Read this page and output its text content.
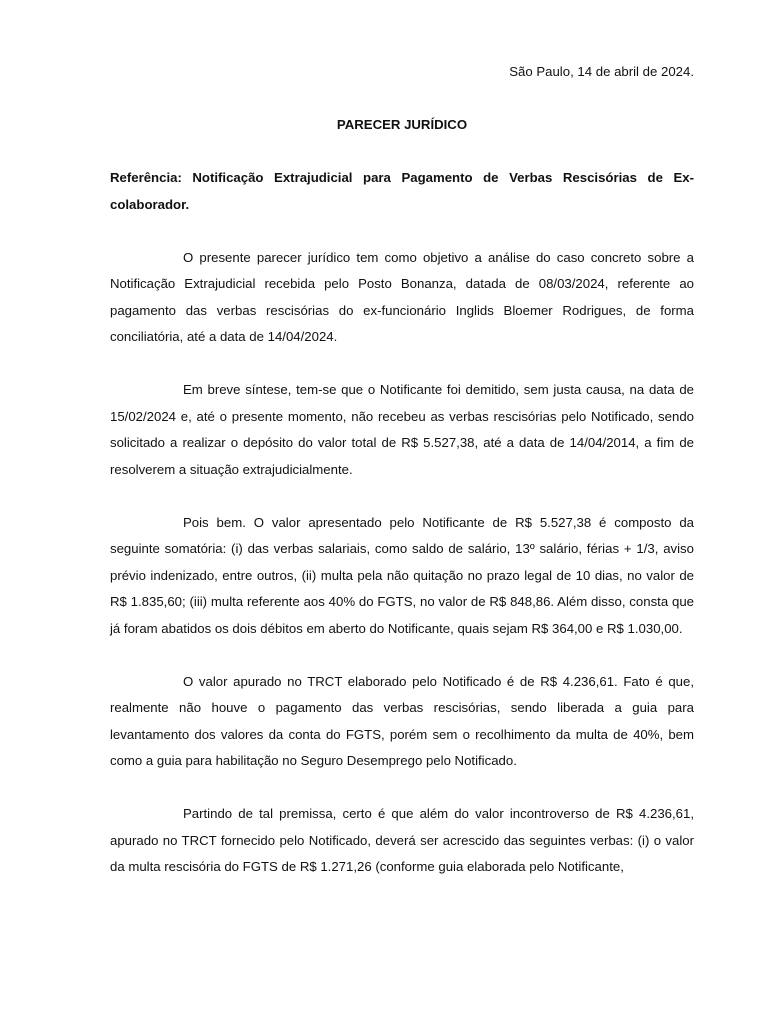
São Paulo, 14 de abril de 2024.

PARECER JURÍDICO

Referência: Notificação Extrajudicial para Pagamento de Verbas Rescisórias de Ex-colaborador.

O presente parecer jurídico tem como objetivo a análise do caso concreto sobre a Notificação Extrajudicial recebida pelo Posto Bonanza, datada de 08/03/2024, referente ao pagamento das verbas rescisórias do ex-funcionário Inglids Bloemer Rodrigues, de forma conciliatória, até a data de 14/04/2024.

Em breve síntese, tem-se que o Notificante foi demitido, sem justa causa, na data de 15/02/2024 e, até o presente momento, não recebeu as verbas rescisórias pelo Notificado, sendo solicitado a realizar o depósito do valor total de R$ 5.527,38, até a data de 14/04/2014, a fim de resolverem a situação extrajudicialmente.

Pois bem. O valor apresentado pelo Notificante de R$ 5.527,38 é composto da seguinte somatória: (i) das verbas salariais, como saldo de salário, 13º salário, férias + 1/3, aviso prévio indenizado, entre outros, (ii) multa pela não quitação no prazo legal de 10 dias, no valor de R$ 1.835,60; (iii) multa referente aos 40% do FGTS, no valor de R$ 848,86. Além disso, consta que já foram abatidos os dois débitos em aberto do Notificante, quais sejam R$ 364,00 e R$ 1.030,00.

O valor apurado no TRCT elaborado pelo Notificado é de R$ 4.236,61. Fato é que, realmente não houve o pagamento das verbas rescisórias, sendo liberada a guia para levantamento dos valores da conta do FGTS, porém sem o recolhimento da multa de 40%, bem como a guia para habilitação no Seguro Desemprego pelo Notificado.

Partindo de tal premissa, certo é que além do valor incontroverso de R$ 4.236,61, apurado no TRCT fornecido pelo Notificado, deverá ser acrescido das seguintes verbas: (i) o valor da multa rescisória do FGTS de R$ 1.271,26 (conforme guia elaborada pelo Notificante,
